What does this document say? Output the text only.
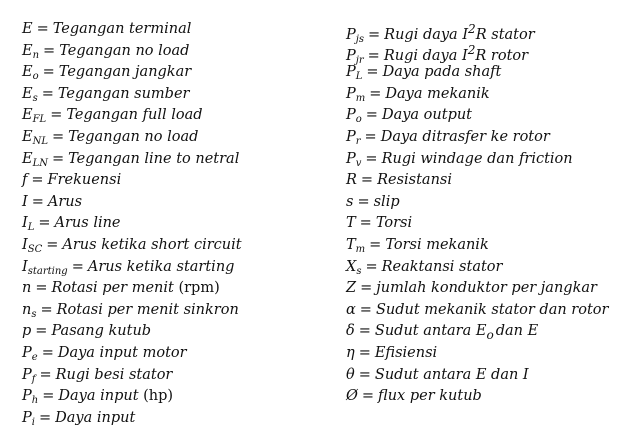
E = Tegangan terminal
$E_n$ = Tegangan no load
$E_o$ = Tegangan jangkar
$E_s$ = Tegangan sumber
$E_{FL}$ = Tegangan full load
$E_{NL}$ = Tegangan no load
$E_{LN}$ = Tegangan line to netral
f = Frekuensi
I = Arus
$I_L$ = Arus line
$I_{SC}$ = Arus ketika short circuit
$I_{starting}$ = Arus ketika starting
n = Rotasi per menit (rpm)
$n_s$ = Rotasi per menit sinkron
p = Pasang kutub
$P_e$ = Daya input motor
$P_f$ = Rugi besi stator
$P_h$ = Daya input (hp)
$P_i$ = Daya input
$P_{js}$ = Rugi daya $I^2R$ stator
$P_{jr}$ = Rugi daya $I^2R$ rotor
$P_L$ = Daya pada shaft
$P_m$ = Daya mekanik
$P_o$ = Daya output
$P_r$ = Daya ditrasfer ke rotor
$P_v$ = Rugi windage dan friction
R = Resistansi
s = slip
T = Torsi
$T_m$ = Torsi mekanik
$X_s$ = Reaktansi stator
Z = jumlah konduktor per jangkar
α = Sudut mekanik stator dan rotor
δ = Sudut antara $E_o$ dan E
η = Efisiensi
θ = Sudut antara E dan I
Ø = flux per kutub
